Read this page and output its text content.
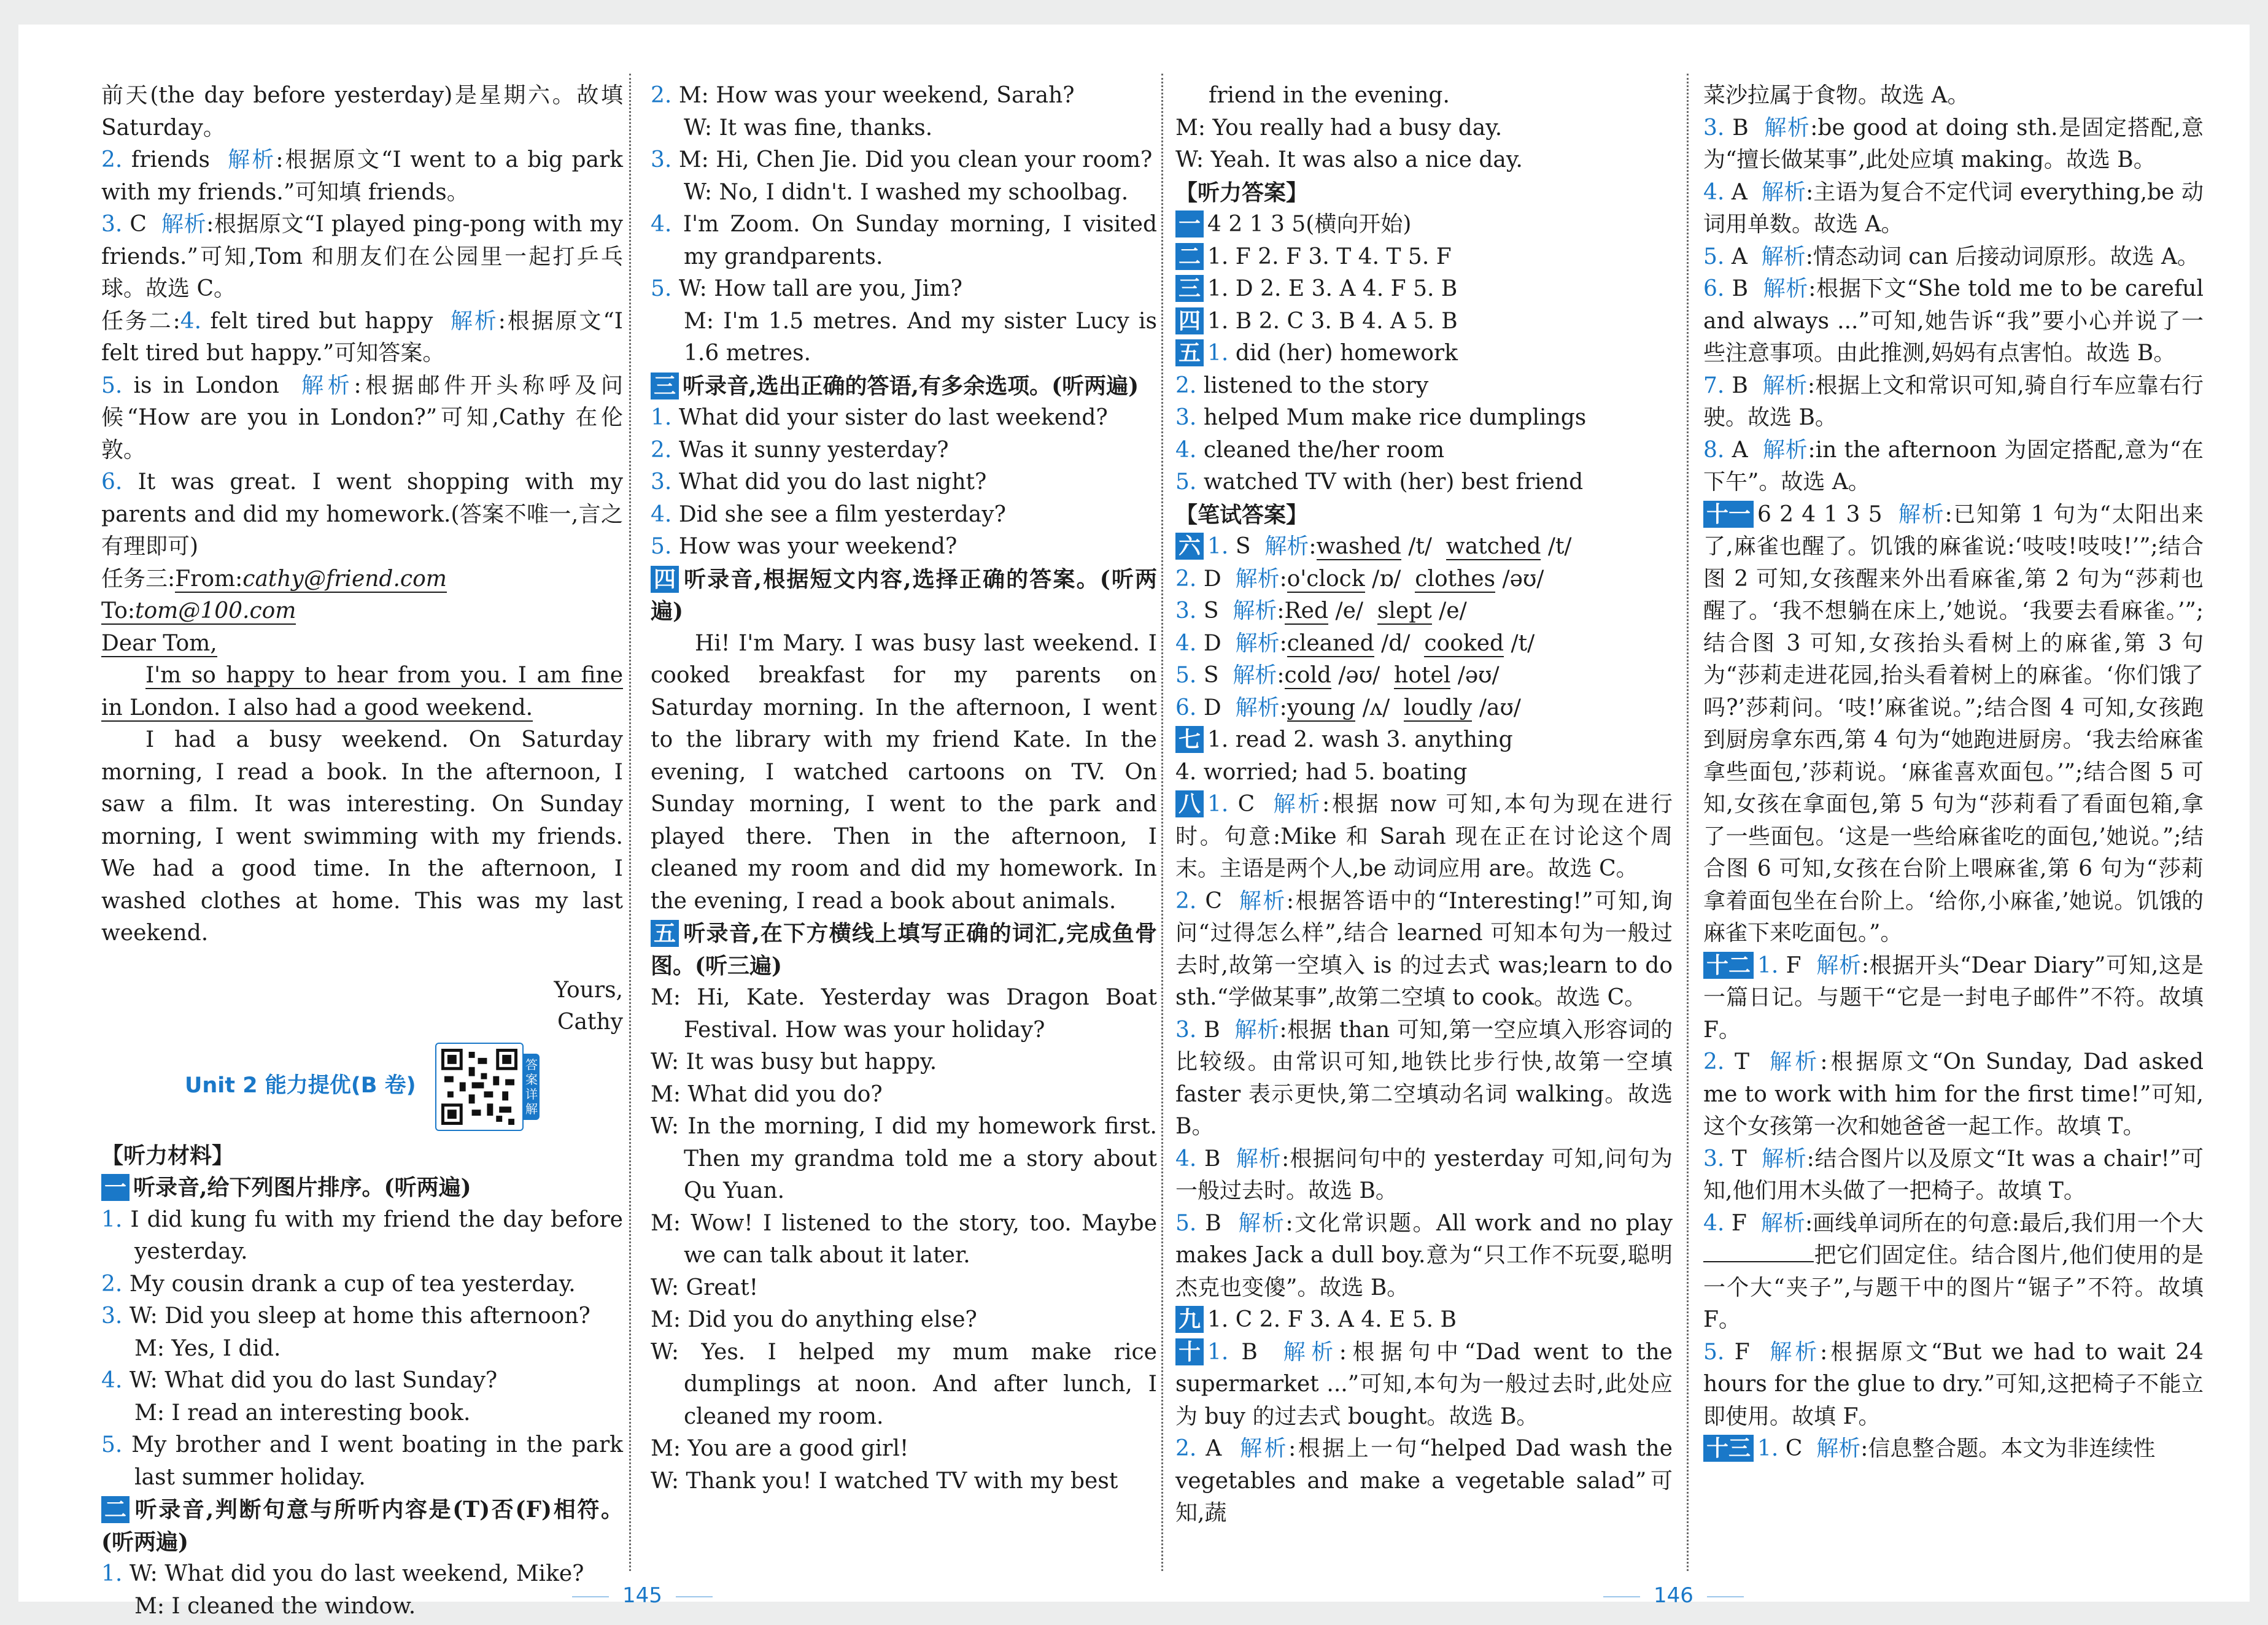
前天(the day before yesterday)是星期六。故填 Saturday。

2. friends 解析:根据原文“I went to a big park with my friends.”可知填 friends。

3. C 解析:根据原文“I played ping-pong with my friends.”可知,Tom 和朋友们在公园里一起打乒乓球。故选 C。

任务二:4. felt tired but happy 解析:根据原文“I felt tired but happy.”可知答案。

5. is in London 解析:根据邮件开头称呼及问候“How are you in London?”可知,Cathy 在伦敦。

6. It was great. I went shopping with my parents and did my homework.(答案不唯一,言之有理即可)

任务三:From:cathy@friend.com

To:tom@100.com

Dear Tom,

I'm so happy to hear from you. I am fine in London. I also had a good weekend.

I had a busy weekend. On Saturday morning, I read a book. In the afternoon, I saw a film. It was interesting. On Sunday morning, I went swimming with my friends. We had a good time. In the afternoon, I washed clothes at home. This was my last weekend.

Yours,

Cathy

Unit 2 能力提优(B 卷)
答案详解

【听力材料】

一 听录音,给下列图片排序。(听两遍)

1. I did kung fu with my friend the day before yesterday.

2. My cousin drank a cup of tea yesterday.

3. W: Did you sleep at home this afternoon?

M: Yes, I did.

4. W: What did you do last Sunday?

M: I read an interesting book.

5. My brother and I went boating in the park last summer holiday.

二 听录音,判断句意与所听内容是(T)否(F)相符。(听两遍)

1. W: What did you do last weekend, Mike?

M: I cleaned the window.

2. M: How was your weekend, Sarah?

W: It was fine, thanks.

3. M: Hi, Chen Jie. Did you clean your room?

W: No, I didn't. I washed my schoolbag.

4. I'm Zoom. On Sunday morning, I visited my grandparents.

5. W: How tall are you, Jim?

M: I'm 1.5 metres. And my sister Lucy is 1.6 metres.

三 听录音,选出正确的答语,有多余选项。(听两遍)

1. What did your sister do last weekend?

2. Was it sunny yesterday?

3. What did you do last night?

4. Did she see a film yesterday?

5. How was your weekend?

四 听录音,根据短文内容,选择正确的答案。(听两遍)

Hi! I'm Mary. I was busy last weekend. I cooked breakfast for my parents on Saturday morning. In the afternoon, I went to the library with my friend Kate. In the evening, I watched cartoons on TV. On Sunday morning, I went to the park and played there. Then in the afternoon, I cleaned my room and did my homework. In the evening, I read a book about animals.

五 听录音,在下方横线上填写正确的词汇,完成鱼骨图。(听三遍)

M: Hi, Kate. Yesterday was Dragon Boat Festival. How was your holiday?

W: It was busy but happy.

M: What did you do?

W: In the morning, I did my homework first. Then my grandma told me a story about Qu Yuan.

M: Wow! I listened to the story, too. Maybe we can talk about it later.

W: Great!

M: Did you do anything else?

W: Yes. I helped my mum make rice dumplings at noon. And after lunch, I cleaned my room.

M: You are a good girl!

W: Thank you! I watched TV with my best

friend in the evening.

M: You really had a busy day.

W: Yeah. It was also a nice day.

【听力答案】

一 4 2 1 3 5(横向开始)

二 1. F 2. F 3. T 4. T 5. F

三 1. D 2. E 3. A 4. F 5. B

四 1. B 2. C 3. B 4. A 5. B

五 1. did (her) homework

2. listened to the story

3. helped Mum make rice dumplings

4. cleaned the/her room

5. watched TV with (her) best friend

【笔试答案】

六 1. S 解析:washed /t/ watched /t/

2. D 解析:o'clock /ɒ/ clothes /əʊ/

3. S 解析:Red /e/ slept /e/

4. D 解析:cleaned /d/ cooked /t/

5. S 解析:cold /əʊ/ hotel /əʊ/

6. D 解析:young /ʌ/ loudly /aʊ/

七 1. read 2. wash 3. anything

4. worried; had 5. boating

八 1. C 解析:根据 now 可知,本句为现在进行时。句意:Mike 和 Sarah 现在正在讨论这个周末。主语是两个人,be 动词应用 are。故选 C。

2. C 解析:根据答语中的“Interesting!”可知,询问“过得怎么样”,结合 learned 可知本句为一般过去时,故第一空填入 is 的过去式 was;learn to do sth.“学做某事”,故第二空填 to cook。故选 C。

3. B 解析:根据 than 可知,第一空应填入形容词的比较级。由常识可知,地铁比步行快,故第一空填 faster 表示更快,第二空填动名词 walking。故选 B。

4. B 解析:根据问句中的 yesterday 可知,问句为一般过去时。故选 B。

5. B 解析:文化常识题。All work and no play makes Jack a dull boy.意为“只工作不玩耍,聪明杰克也变傻”。故选 B。

九 1. C 2. F 3. A 4. E 5. B

十 1. B 解析:根据句中“Dad went to the supermarket ...”可知,本句为一般过去时,此处应为 buy 的过去式 bought。故选 B。

2. A 解析:根据上一句“helped Dad wash the vegetables and make a vegetable salad”可知,蔬

菜沙拉属于食物。故选 A。

3. B 解析:be good at doing sth.是固定搭配,意为“擅长做某事”,此处应填 making。故选 B。

4. A 解析:主语为复合不定代词 everything,be 动词用单数。故选 A。

5. A 解析:情态动词 can 后接动词原形。故选 A。

6. B 解析:根据下文“She told me to be careful and always ...”可知,她告诉“我”要小心并说了一些注意事项。由此推测,妈妈有点害怕。故选 B。

7. B 解析:根据上文和常识可知,骑自行车应靠右行驶。故选 B。

8. A 解析:in the afternoon 为固定搭配,意为“在下午”。故选 A。

十一 6 2 4 1 3 5 解析:已知第 1 句为“太阳出来了,麻雀也醒了。饥饿的麻雀说:‘吱吱!吱吱!’”;结合图 2 可知,女孩醒来外出看麻雀,第 2 句为“莎莉也醒了。‘我不想躺在床上,’她说。‘我要去看麻雀。’”;结合图 3 可知,女孩抬头看树上的麻雀,第 3 句为“莎莉走进花园,抬头看着树上的麻雀。‘你们饿了吗?’莎莉问。‘吱!’麻雀说。”;结合图 4 可知,女孩跑到厨房拿东西,第 4 句为“她跑进厨房。‘我去给麻雀拿些面包,’莎莉说。‘麻雀喜欢面包。’”;结合图 5 可知,女孩在拿面包,第 5 句为“莎莉看了看面包箱,拿了一些面包。‘这是一些给麻雀吃的面包,’她说。”;结合图 6 可知,女孩在台阶上喂麻雀,第 6 句为“莎莉拿着面包坐在台阶上。‘给你,小麻雀,’她说。饥饿的麻雀下来吃面包。”。

十二 1. F 解析:根据开头“Dear Diary”可知,这是一篇日记。与题干“它是一封电子邮件”不符。故填 F。

2. T 解析:根据原文“On Sunday, Dad asked me to work with him for the first time!”可知,这个女孩第一次和她爸爸一起工作。故填 T。

3. T 解析:结合图片以及原文“It was a chair!”可知,他们用木头做了一把椅子。故填 T。

4. F 解析:画线单词所在的句意:最后,我们用一个大把它们固定住。结合图片,他们使用的是一个大“夹子”,与题干中的图片“锯子”不符。故填 F。

5. F 解析:根据原文“But we had to wait 24 hours for the glue to dry.”可知,这把椅子不能立即使用。故填 F。

十三 1. C 解析:信息整合题。本文为非连续性

145	146
